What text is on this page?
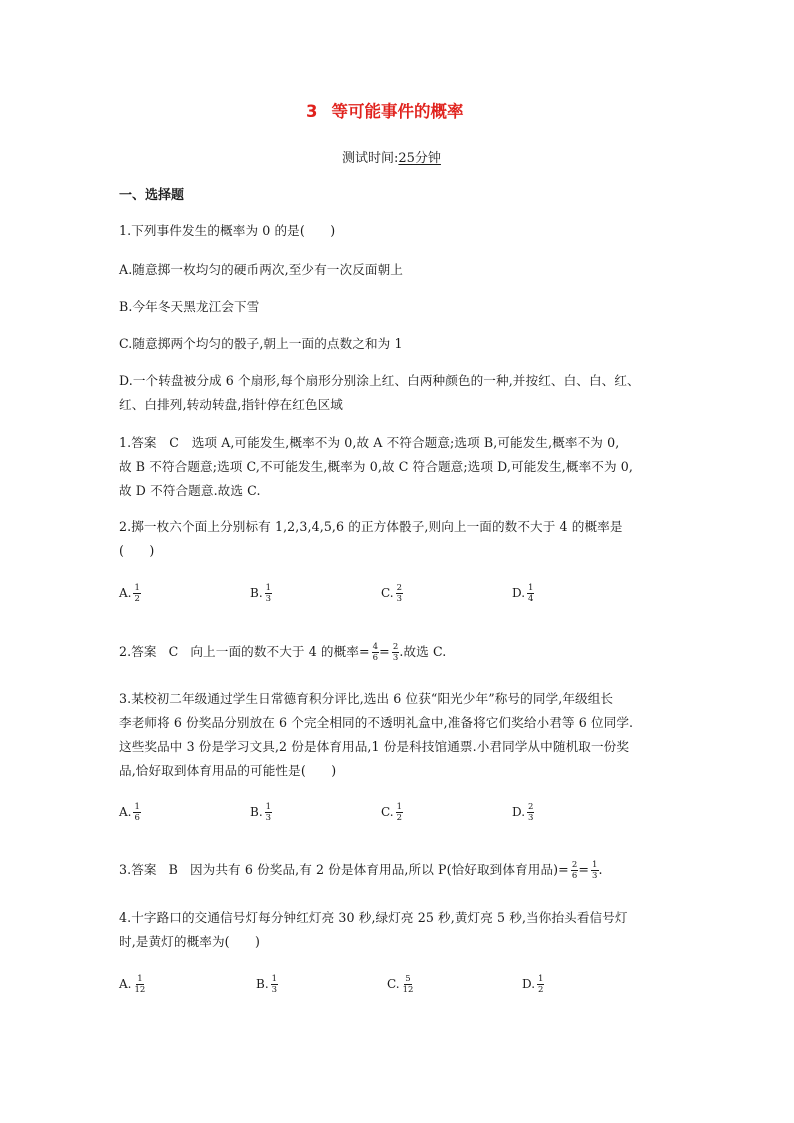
3 等可能事件的概率
测试时间:25分钟
一、选择题
1.下列事件发生的概率为 0 的是(　　)
A.随意掷一枚均匀的硬币两次,至少有一次反面朝上
B.今年冬天黑龙江会下雪
C.随意掷两个均匀的骰子,朝上一面的点数之和为 1
D.一个转盘被分成 6 个扇形,每个扇形分别涂上红、白两种颜色的一种,并按红、白、白、红、
红、白排列,转动转盘,指针停在红色区域
1.答案　C　选项 A,可能发生,概率不为 0,故 A 不符合题意;选项 B,可能发生,概率不为 0,
故 B 不符合题意;选项 C,不可能发生,概率为 0,故 C 符合题意;选项 D,可能发生,概率不为 0,
故 D 不符合题意.故选 C.
2.掷一枚六个面上分别标有 1,2,3,4,5,6 的正方体骰子,则向上一面的数不大于 4 的概率是
(　　)
A. $\frac{1}{2}$	B. $\frac{1}{3}$	C. $\frac{2}{3}$	D. $\frac{1}{4}$
2.答案 C 向上一面的数不大于 4 的概率= $\frac{4}{6} = \frac{2}{3}$ .故选 C.
3.某校初二年级通过学生日常德育积分评比,选出 6 位获“阳光少年”称号的同学,年级组长
李老师将 6 份奖品分别放在 6 个完全相同的不透明礼盒中,准备将它们奖给小君等 6 位同学.
这些奖品中 3 份是学习文具,2 份是体育用品,1 份是科技馆通票.小君同学从中随机取一份奖
品,恰好取到体育用品的可能性是(　　)
A. $\frac{1}{6}$	B. $\frac{1}{3}$	C. $\frac{1}{2}$	D. $\frac{2}{3}$
3.答案 B 因为共有 6 份奖品,有 2 份是体育用品,所以 P(恰好取到体育用品)= $\frac{2}{6} = \frac{1}{3}$ .
4.十字路口的交通信号灯每分钟红灯亮 30 秒,绿灯亮 25 秒,黄灯亮 5 秒,当你抬头看信号灯
时,是黄灯的概率为(　　)
A. $\frac{1}{12}$	B. $\frac{1}{3}$	C. $\frac{5}{12}$	D. $\frac{1}{2}$
